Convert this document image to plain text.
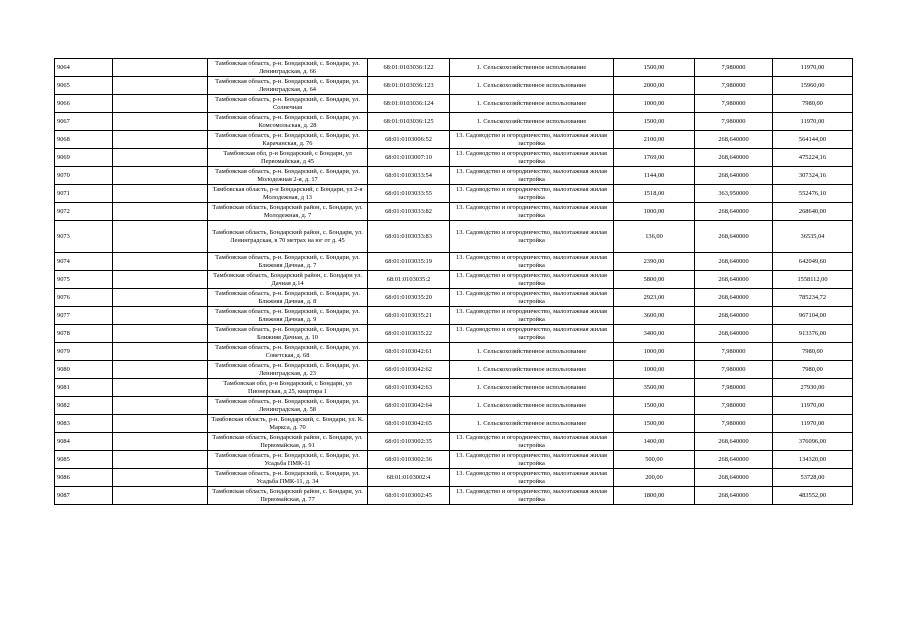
9064		Тамбовская область, р-н. Бондарский, с. Бондари, ул. Ленинградская, д. 66	68:01:0103036:122	1. Сельскохозяйственное использование	1500,00	7,980000	11970,00
9065		Тамбовская область, р-н. Бондарский, с. Бондари, ул. Ленинградская, д. 64	68:01:0103036:123	1. Сельскохозяйственное использование	2000,00	7,980000	15960,00
9066		Тамбовская область, р-н. Бондарский, с. Бондари, ул. Солнечная	68:01:0103036:124	1. Сельскохозяйственное использование	1000,00	7,980000	7980,00
9067		Тамбовская область, р-н. Бондарский, с. Бондари, ул. Комсомольская, д. 28	68:01:0103036:125	1. Сельскохозяйственное использование	1500,00	7,980000	11970,00
9068		Тамбовская область, р-н. Бондарский, с. Бондари, ул. Карачанская, д. 76	68:01:0103006:52	13. Садоводство и огородничество, малоэтажная жилая застройка	2100,00	268,640000	564144,00
9069		Тамбовская обл, р-н Бондарский, с Бондари, ул Первомайская, д 45	68:01:0103007:10	13. Садоводство и огородничество, малоэтажная жилая застройка	1769,00	268,640000	475224,16
9070		Тамбовская область, р-н. Бондарский, с. Бондари, ул. Молодежная 2-я, д. 17	68:01:0103033:54	13. Садоводство и огородничество, малоэтажная жилая застройка	1144,00	268,640000	307324,16
9071		Тамбовская область, р-н Бондарский, с Бондари, ул 2-я Молодежная, д 13	68:01:0103033:55	13. Садоводство и огородничество, малоэтажная жилая застройка	1518,00	363,950000	552476,10
9072		Тамбовская область, Бондарский район, с. Бондари, ул. Молодежная, д. 7	68:01:0103033:82	13. Садоводство и огородничество, малоэтажная жилая застройка	1000,00	268,640000	268640,00
9073		Тамбовская область, Бондарский район, с. Бондари, ул. Ленинградская, в 70 метрах на юг от д. 45	68:01:0103033:83	13. Садоводство и огородничество, малоэтажная жилая застройка	136,00	268,640000	36535,04
9074		Тамбовская область, р-н. Бондарский, с. Бондари, ул. Ближняя Дачная, д. 7	68:01:0103035:19	13. Садоводство и огородничество, малоэтажная жилая застройка	2390,00	268,640000	642049,60
9075		Тамбовская область, Бондарский район, с. Бондари ул. Дачная д.14	68:01:0103035:2	13. Садоводство и огородничество, малоэтажная жилая застройка	5800,00	268,640000	1558112,00
9076		Тамбовская область, р-н. Бондарский, с. Бондари, ул. Ближняя Дачная, д. 8	68:01:0103035:20	13. Садоводство и огородничество, малоэтажная жилая застройка	2923,00	268,640000	785234,72
9077		Тамбовская область, р-н. Бондарский, с. Бондари, ул. Ближняя Дачная, д. 9	68:01:0103035:21	13. Садоводство и огородничество, малоэтажная жилая застройка	3600,00	268,640000	967104,00
9078		Тамбовская область, р-н. Бондарский, с. Бондари, ул. Ближняя Дачная, д. 10	68:01:0103035:22	13. Садоводство и огородничество, малоэтажная жилая застройка	3400,00	268,640000	913376,00
9079		Тамбовская область, р-н. Бондарский, с. Бондари, ул. Советская, д. 68	68:01:0103042:61	1. Сельскохозяйственное использование	1000,00	7,980000	7980,00
9080		Тамбовская область, р-н. Бондарский, с. Бондари, ул. Ленинградская, д. 23	68:01:0103042:62	1. Сельскохозяйственное использование	1000,00	7,980000	7980,00
9081		Тамбовская обл, р-н Бондарский, с Бондари, ул Пионерская, д 25, квартира 1	68:01:0103042:63	1. Сельскохозяйственное использование	3500,00	7,980000	27930,00
9082		Тамбовская область, р-н. Бондарский, с. Бондари, ул. Ленинградская, д. 58	68:01:0103042:64	1. Сельскохозяйственное использование	1500,00	7,980000	11970,00
9083		Тамбовская область, р-н. Бондарский, с. Бондари, ул. К. Маркса, д. 70	68:01:0103042:65	1. Сельскохозяйственное использование	1500,00	7,980000	11970,00
9084		Тамбовская область, Бондарский район, с. Бондари, ул. Первомайская, д. 91	68:01:0103002:35	13. Садоводство и огородничество, малоэтажная жилая застройка	1400,00	268,640000	376096,00
9085		Тамбовская область, р-н. Бондарский, с. Бондари, ул. Усадьба ПМК-11	68:01:0103002:36	13. Садоводство и огородничество, малоэтажная жилая застройка	500,00	268,640000	134320,00
9086		Тамбовская область, р-н. Бондарский, с. Бондари, ул. Усадьба ПМК-11, д. 34	68:01:0103002:4	13. Садоводство и огородничество, малоэтажная жилая застройка	200,00	268,640000	53728,00
9087		Тамбовская область, Бондарский район, с. Бондари, ул. Первомайская, д. 77	68:01:0103002:45	13. Садоводство и огородничество, малоэтажная жилая застройка	1800,00	268,640000	483552,00
